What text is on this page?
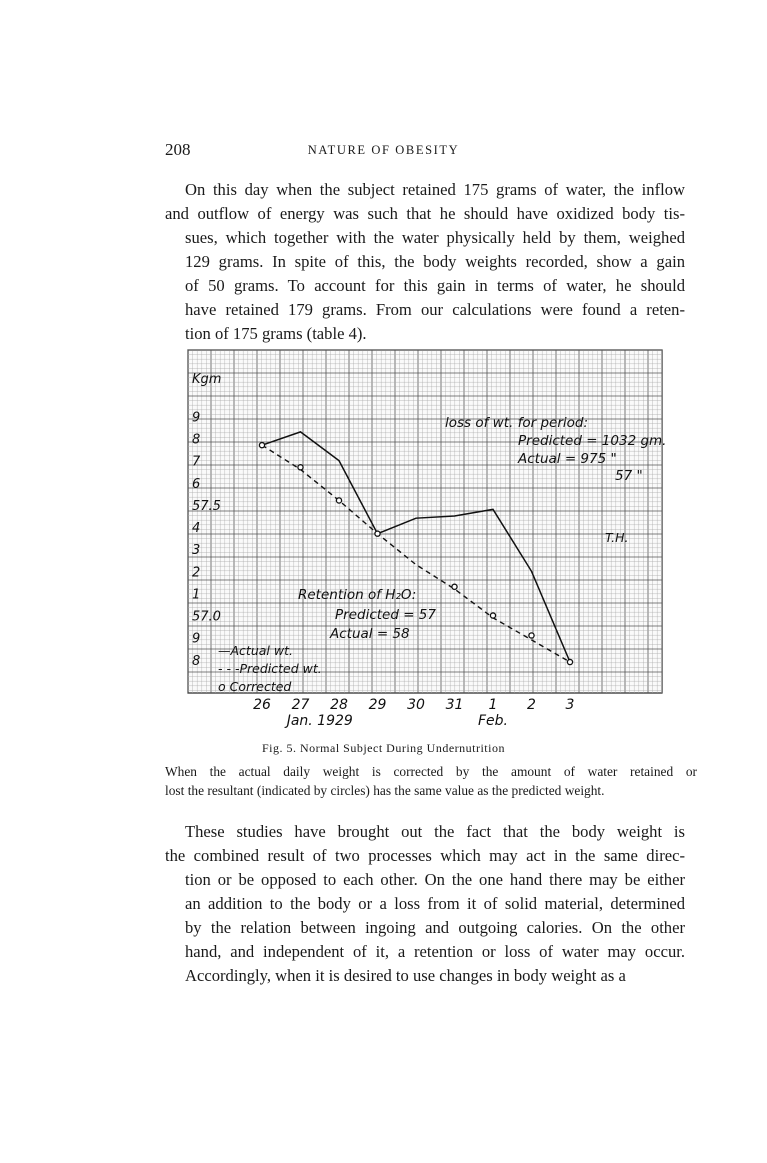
208	NATURE OF OBESITY

On this day when the subject retained 175 grams of water, the inflow
and outflow of energy was such that he should have oxidized body tis-
sues, which together with the water physically held by them, weighed
129 grams. In spite of this, the body weights recorded, show a gain
of 50 grams. To account for this gain in terms of water, he should
have retained 179 grams. From our calculations were found a reten-
tion of 175 grams (table 4).

Kgm
9
8
7
6
57.5
4
3
2
1
57.0
9
8
loss of wt. for period:
Predicted = 1032 gm.
Actual = 975 "
57 "
T.H.
Retention of H₂O:
Predicted = 57
Actual = 58
—Actual wt.
- - -Predicted wt.
o Corrected
26 27 28 29 30 31 1 2 3
Jan. 1929	Feb.
Fig. 5. Normal Subject During Undernutrition
When the actual daily weight is corrected by the amount of water retained or
lost the resultant (indicated by circles) has the same value as the predicted weight.

These studies have brought out the fact that the body weight is
the combined result of two processes which may act in the same direc-
tion or be opposed to each other. On the one hand there may be either
an addition to the body or a loss from it of solid material, determined
by the relation between ingoing and outgoing calories. On the other
hand, and independent of it, a retention or loss of water may occur.
Accordingly, when it is desired to use changes in body weight as a
